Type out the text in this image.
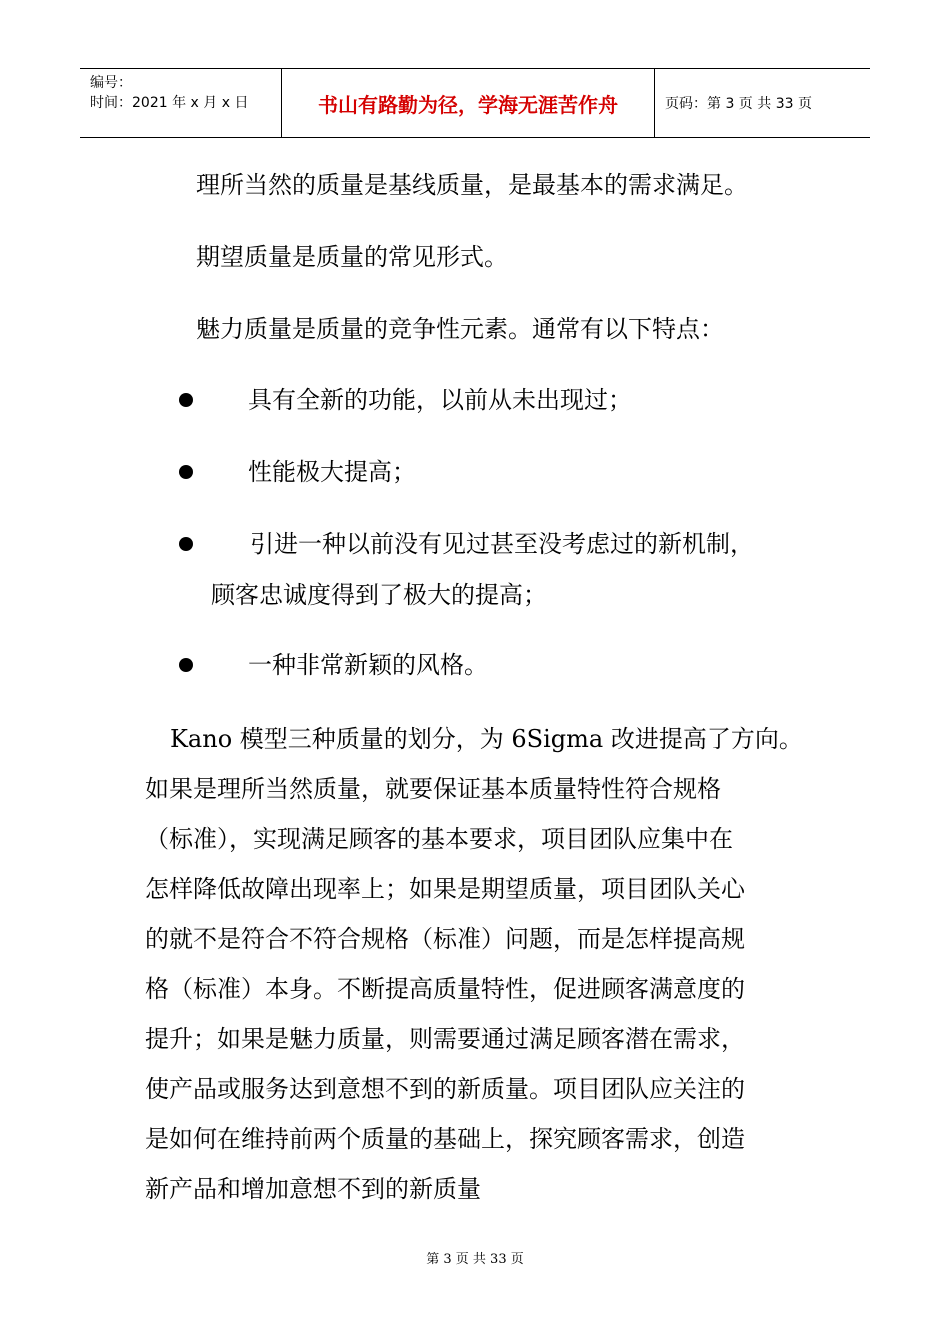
编号：
时间：2021 年 x 月 x 日	书山有路勤为径，学海无涯苦作舟	页码：第 3 页 共 33 页
理所当然的质量是基线质量，是最基本的需求满足。
期望质量是质量的常见形式。
魅力质量是质量的竞争性元素。通常有以下特点：
具有全新的功能，以前从未出现过；
性能极大提高；
引进一种以前没有见过甚至没考虑过的新机制，
顾客忠诚度得到了极大的提高；
一种非常新颖的风格。
Kano 模型三种质量的划分，为 6Sigma 改进提高了方向。
如果是理所当然质量，就要保证基本质量特性符合规格
（标准），实现满足顾客的基本要求，项目团队应集中在
怎样降低故障出现率上；如果是期望质量，项目团队关心
的就不是符合不符合规格（标准）问题，而是怎样提高规
格（标准）本身。不断提高质量特性，促进顾客满意度的
提升；如果是魅力质量，则需要通过满足顾客潜在需求，
使产品或服务达到意想不到的新质量。项目团队应关注的
是如何在维持前两个质量的基础上，探究顾客需求，创造
新产品和增加意想不到的新质量
第 3 页 共 33 页
